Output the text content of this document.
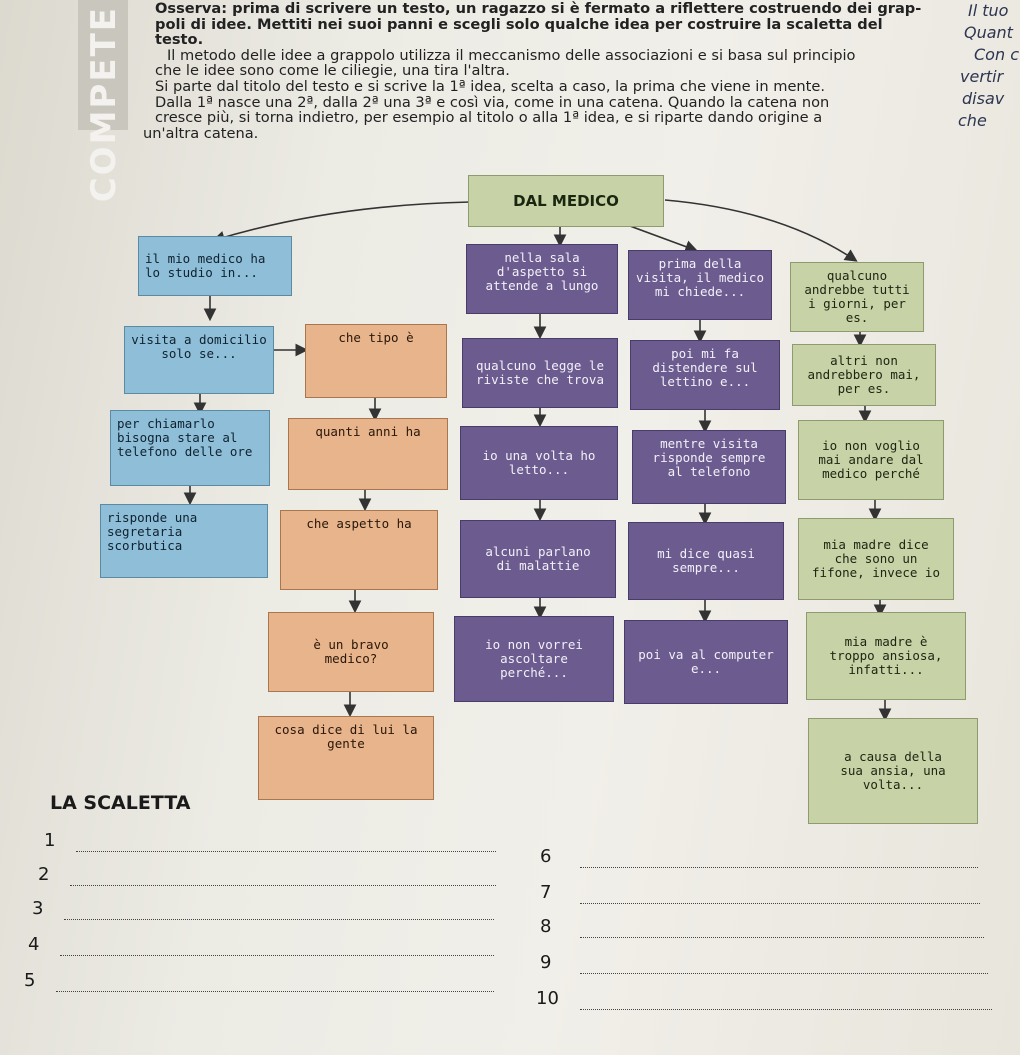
COMPETE Osserva: prima di scrivere un testo, un ragazzo si è fermato a riflettere costruendo dei grap-

poli di idee. Mettiti nei suoi panni e scegli solo qualche idea per costruire la scaletta del testo.

Il metodo delle idee a grappolo utilizza il meccanismo delle associazioni e si basa sul principio

che le idee sono come le ciliegie, una tira l'altra.

Si parte dal titolo del testo e si scrive la 1ª idea, scelta a caso, la prima che viene in mente.

Dalla 1ª nasce una 2ª, dalla 2ª una 3ª e così via, come in una catena. Quando la catena non

cresce più, si torna indietro, per esempio al titolo o alla 1ª idea, e si riparte dando origine a

un'altra catena.

Il tuo
Quant
Con c
vertir
disav
che
DAL MEDICO
il mio medico ha lo studio in...
visita a domicilio solo se...
per chiamarlo bisogna stare al telefono delle ore
risponde una segretaria scorbutica
che tipo è
quanti anni ha
che aspetto ha
è un bravo medico?
cosa dice di lui la gente
nella sala d'aspetto si attende a lungo
qualcuno legge le riviste che trova
io una volta ho letto...
alcuni parlano di malattie
io non vorrei ascoltare perché...
prima della visita, il medico mi chiede...
poi mi fa distendere sul lettino e...
mentre visita risponde sempre al telefono
mi dice quasi sempre...
poi va al computer e...
qualcuno andrebbe tutti i giorni, per es.
altri non andrebbero mai, per es.
io non voglio mai andare dal medico perché
mia madre dice che sono un fifone, invece io
mia madre è troppo ansiosa, infatti...
a causa della sua ansia, una volta...
LA SCALETTA
1
2
3
4
5
6
7
8
9
10
